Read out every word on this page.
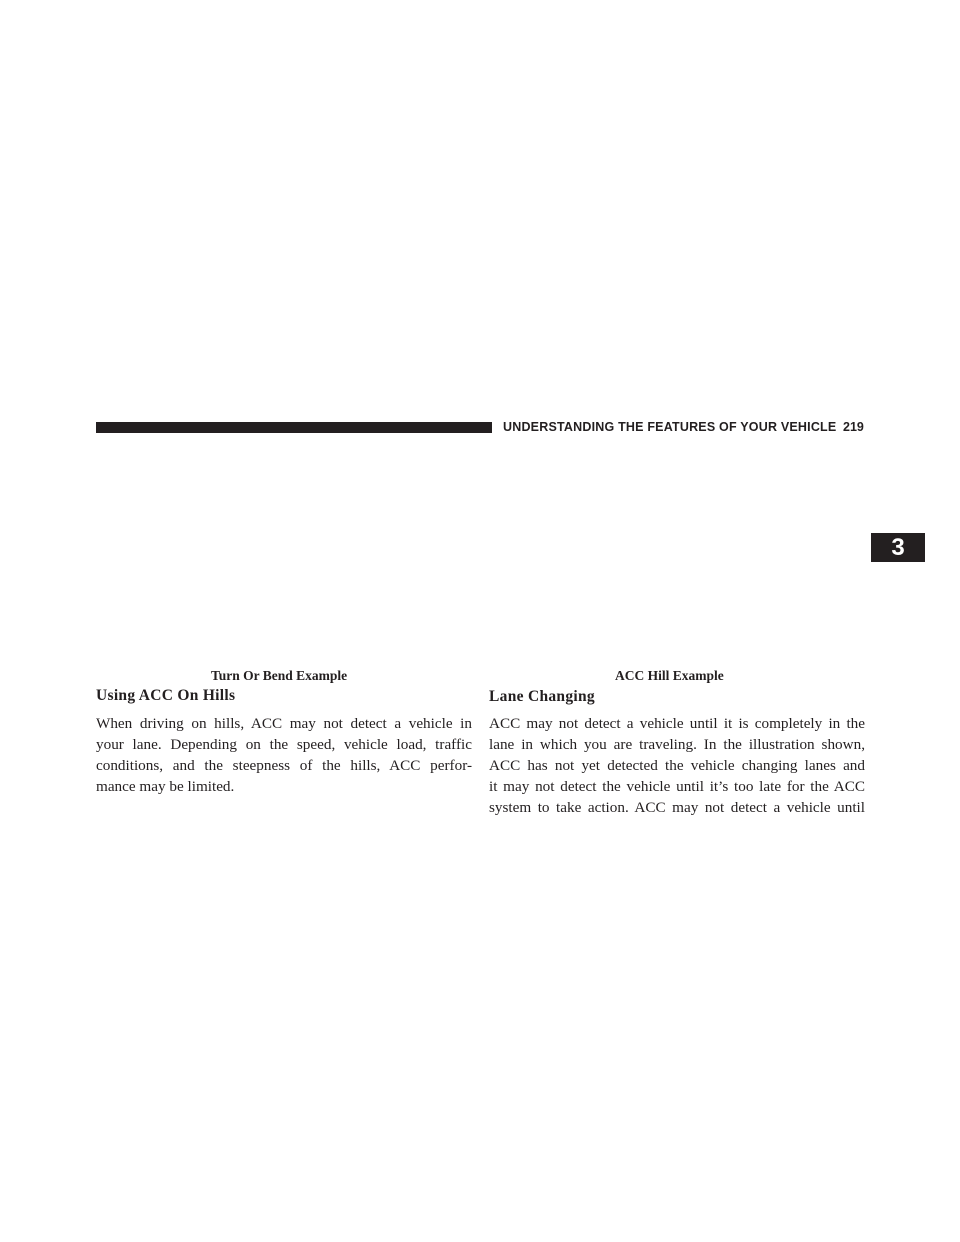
UNDERSTANDING THE FEATURES OF YOUR VEHICLE 219
3
Turn Or Bend Example	ACC Hill Example
Using ACC On Hills
When driving on hills, ACC may not detect a vehicle in
your lane. Depending on the speed, vehicle load, traffic
conditions, and the steepness of the hills, ACC perfor-
mance may be limited.
Lane Changing
ACC may not detect a vehicle until it is completely in the
lane in which you are traveling. In the illustration shown,
ACC has not yet detected the vehicle changing lanes and
it may not detect the vehicle until it’s too late for the ACC
system to take action. ACC may not detect a vehicle until
